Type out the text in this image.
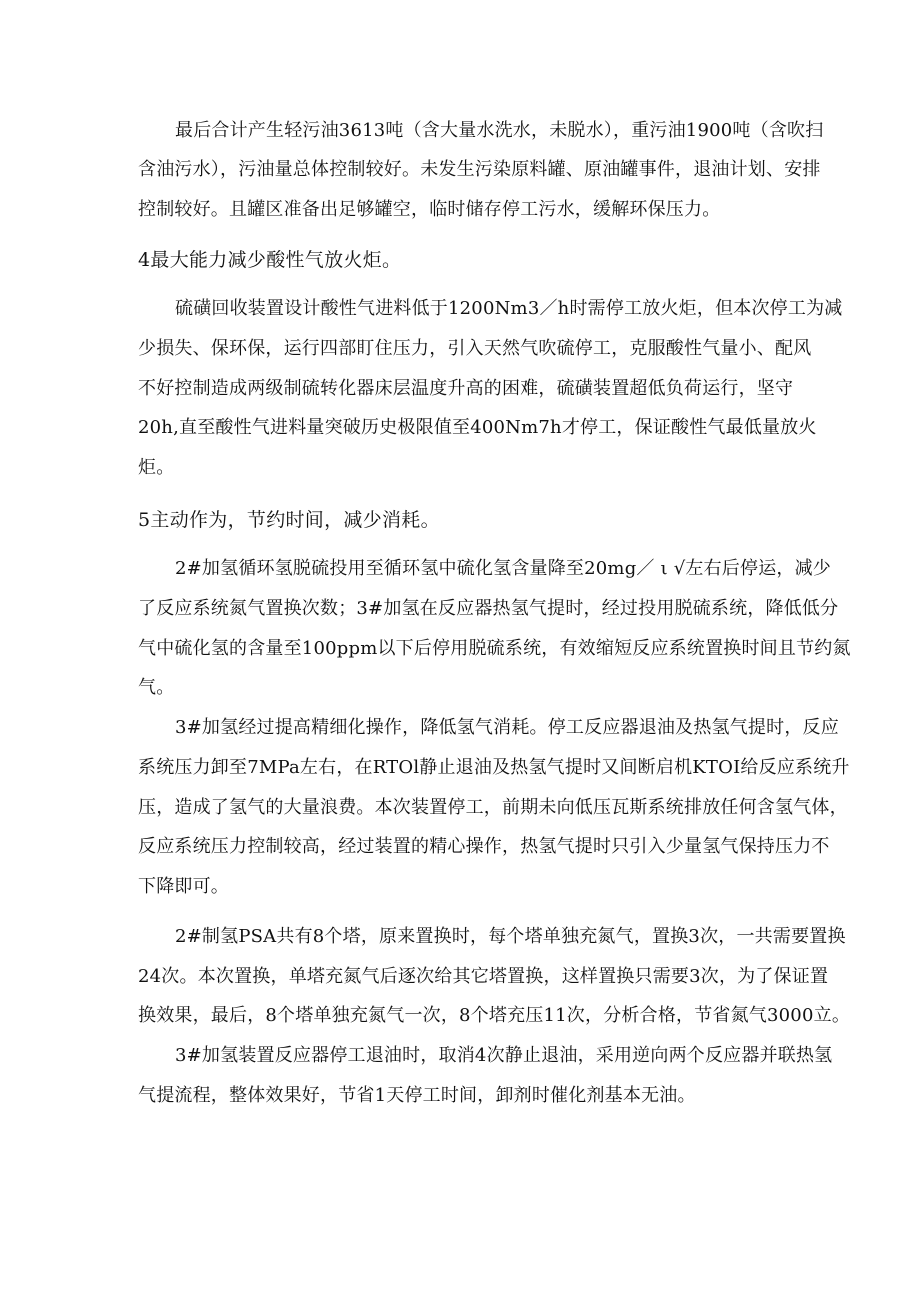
最后合计产生轻污油3613吨（含大量水洗水，未脱水），重污油1900吨（含吹扫
含油污水），污油量总体控制较好。未发生污染原料罐、原油罐事件，退油计划、安排
控制较好。且罐区准备出足够罐空，临时储存停工污水，缓解环保压力。
4最大能力减少酸性气放火炬。
硫磺回收装置设计酸性气进料低于1200Nm3／h时需停工放火炬，但本次停工为减
少损失、保环保，运行四部盯住压力，引入天然气吹硫停工，克服酸性气量小、配风
不好控制造成两级制硫转化器床层温度升高的困难，硫磺装置超低负荷运行，坚守
20h,直至酸性气进料量突破历史极限值至400Nm7h才停工，保证酸性气最低量放火
炬。
5主动作为，节约时间，减少消耗。
2#加氢循环氢脱硫投用至循环氢中硫化氢含量降至20mg／ ι √左右后停运，减少
了反应系统氮气置换次数；3#加氢在反应器热氢气提时，经过投用脱硫系统，降低低分
气中硫化氢的含量至100ppm以下后停用脱硫系统，有效缩短反应系统置换时间且节约氮
气。
3#加氢经过提高精细化操作，降低氢气消耗。停工反应器退油及热氢气提时，反应
系统压力卸至7MPa左右，在RTOl静止退油及热氢气提时又间断启机KTOI给反应系统升
压，造成了氢气的大量浪费。本次装置停工，前期未向低压瓦斯系统排放任何含氢气体，
反应系统压力控制较高，经过装置的精心操作，热氢气提时只引入少量氢气保持压力不
下降即可。
2#制氢PSA共有8个塔，原来置换时，每个塔单独充氮气，置换3次，一共需要置换
24次。本次置换，单塔充氮气后逐次给其它塔置换，这样置换只需要3次，为了保证置
换效果，最后，8个塔单独充氮气一次，8个塔充压11次，分析合格，节省氮气3000立。
3#加氢装置反应器停工退油时，取消4次静止退油，采用逆向两个反应器并联热氢
气提流程，整体效果好，节省1天停工时间，卸剂时催化剂基本无油。
